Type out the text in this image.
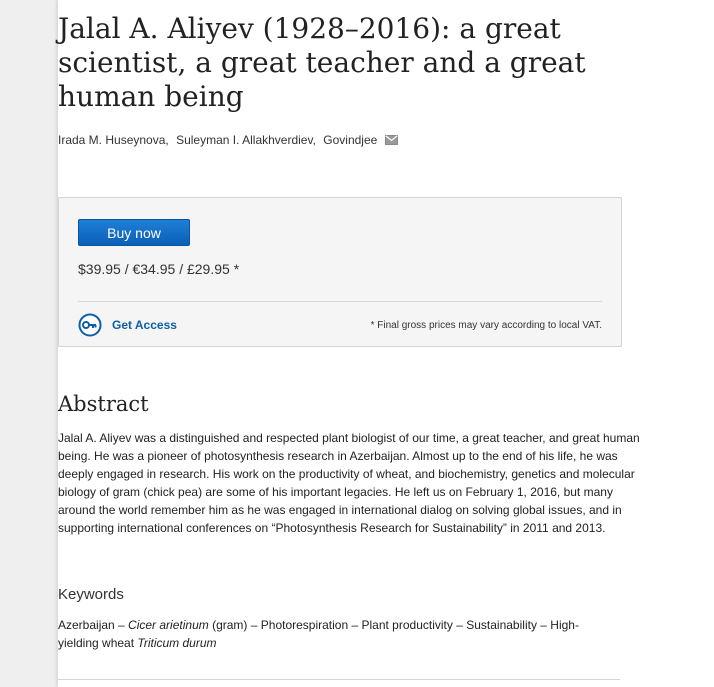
Jalal A. Aliyev (1928–2016): a great scientist, a great teacher and a great human being
Irada M. Huseynova, Suleyman I. Allakhverdiev, Govindjee
Buy now
$39.95 / €34.95 / £29.95 *
Get Access	* Final gross prices may vary according to local VAT.
Abstract

Jalal A. Aliyev was a distinguished and respected plant biologist of our time, a great teacher, and great human being. He was a pioneer of photosynthesis research in Azerbaijan. Almost up to the end of his life, he was deeply engaged in research. His work on the productivity of wheat, and biochemistry, genetics and molecular biology of gram (chick pea) are some of his important legacies. He left us on February 1, 2016, but many around the world remember him as he was engaged in international dialog on solving global issues, and in supporting international conferences on “Photosynthesis Research for Sustainability” in 2011 and 2013.

Keywords

Azerbaijan – Cicer arietinum (gram) – Photorespiration – Plant productivity – Sustainability – High-yielding wheat Triticum durum
